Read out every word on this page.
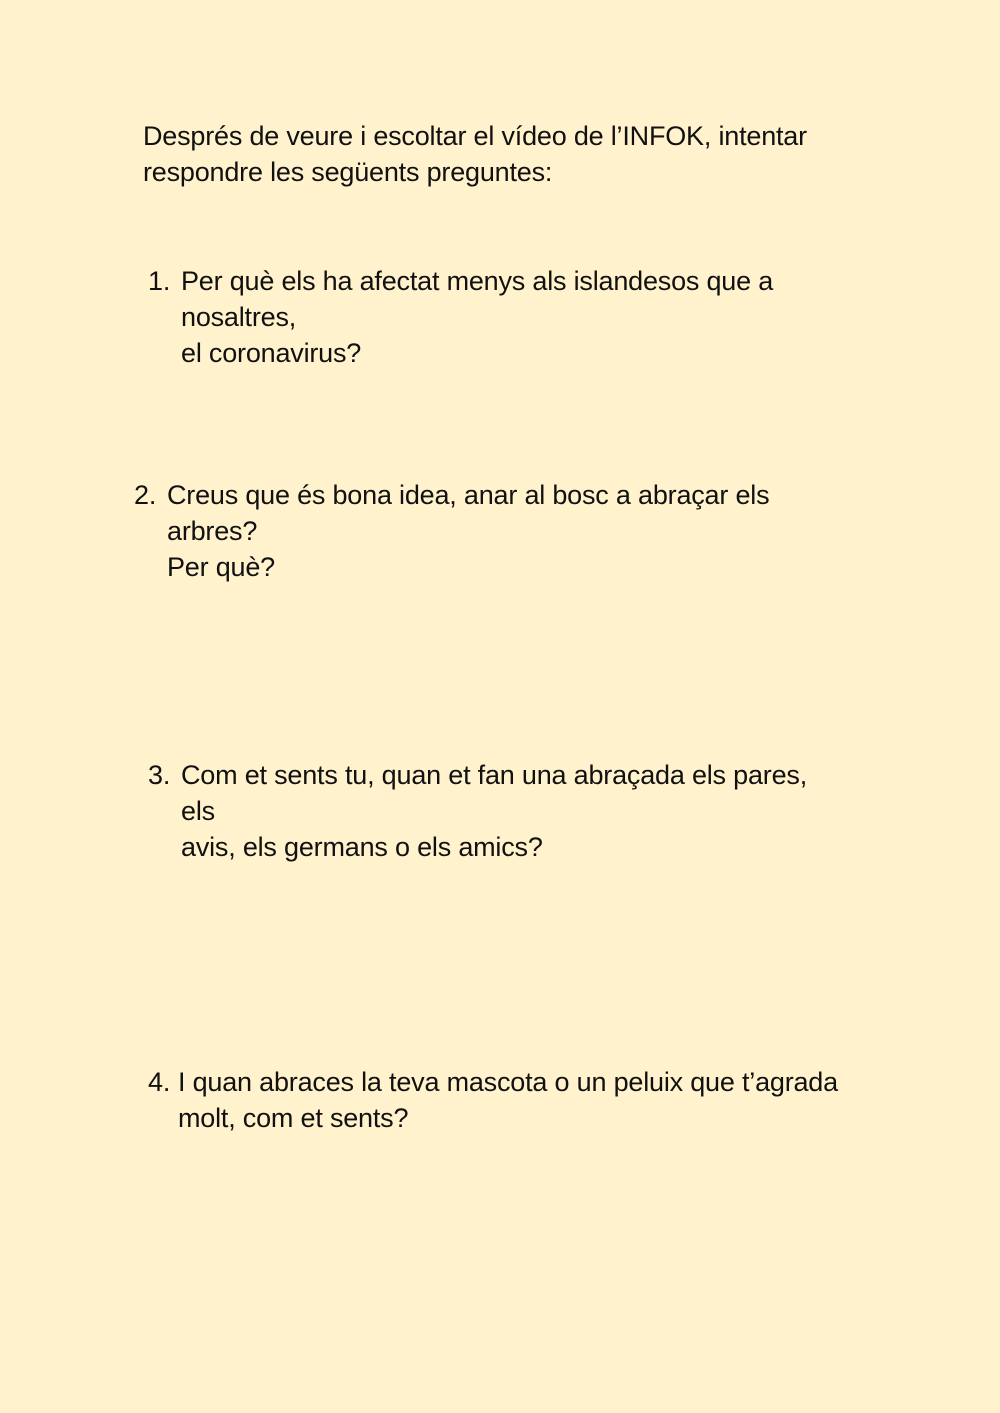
Després de veure i escoltar el vídeo de l’INFOK, intentar
respondre les següents preguntes:
1. Per què els ha afectat menys als islandesos que a nosaltres,
el coronavirus?
2. Creus que és bona idea, anar al bosc a abraçar els arbres?
Per què?
3. Com et sents tu, quan et fan una abraçada els pares, els
avis, els germans o els amics?
4. I quan abraces la teva mascota o un peluix que t’agrada
molt, com et sents?
